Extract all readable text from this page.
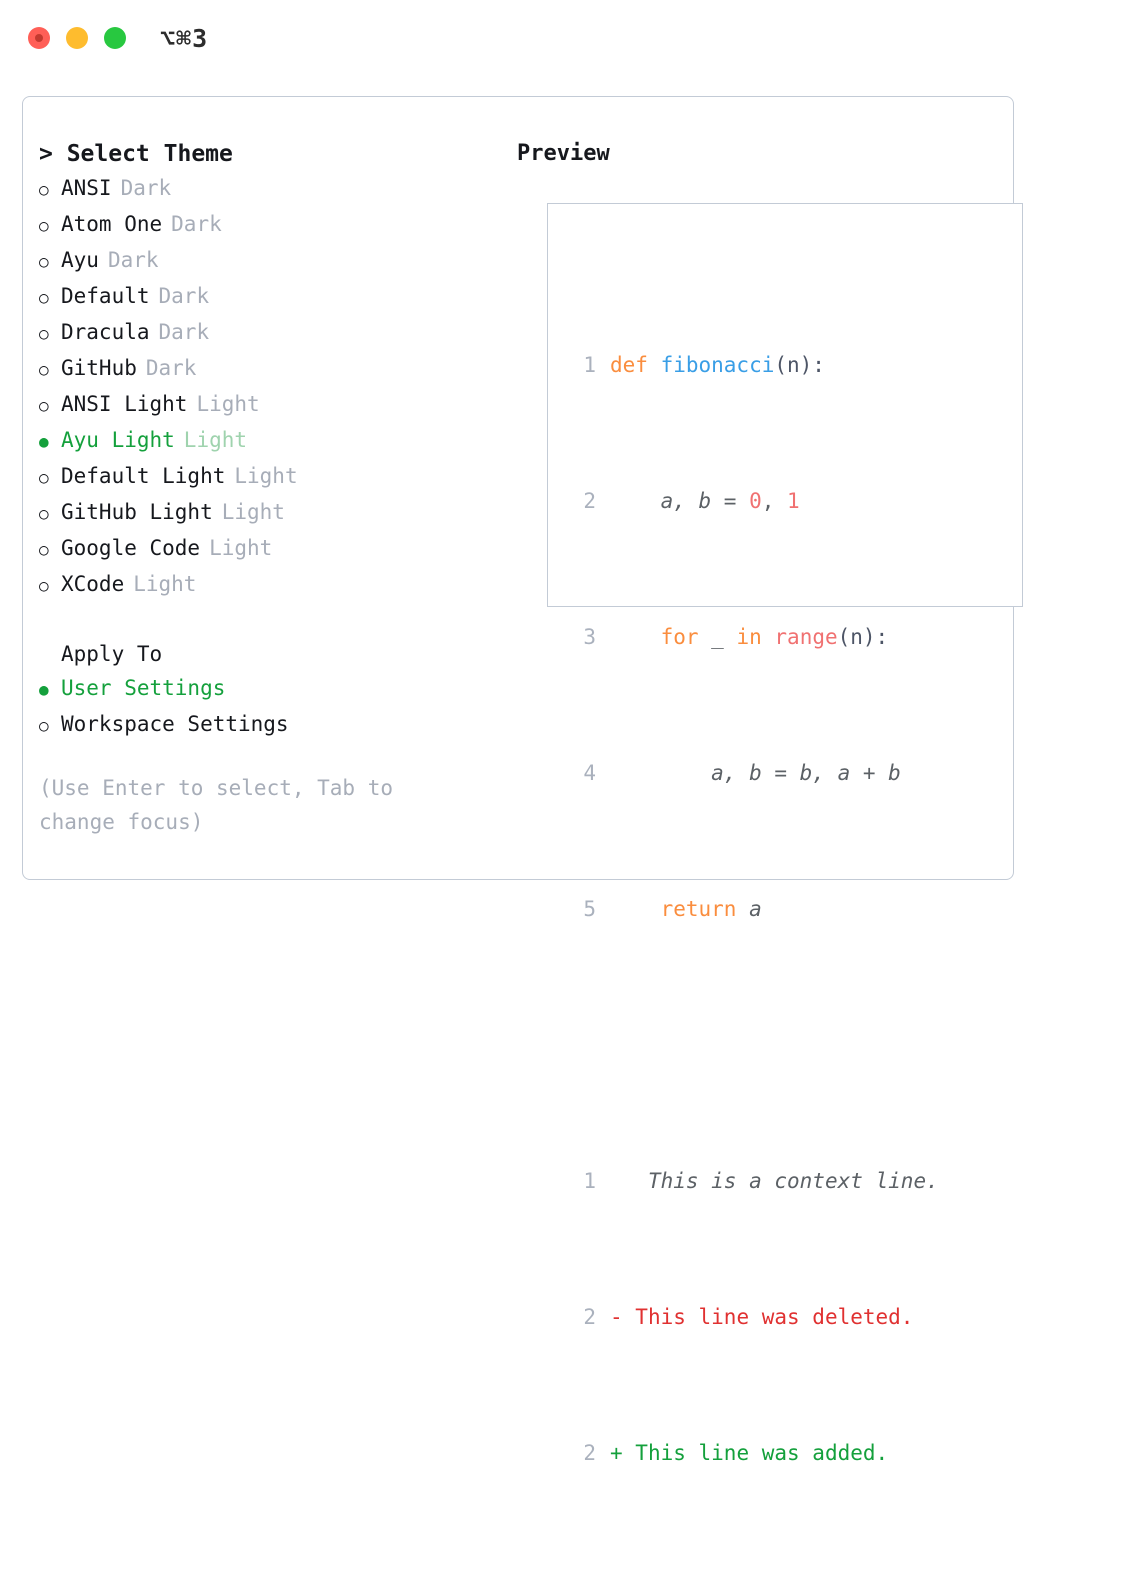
⌥⌘3
> Select Theme
○ ANSI Dark
○ Atom One Dark
○ Ayu Dark
○ Default Dark
○ Dracula Dark
○ GitHub Dark
○ ANSI Light Light
● Ayu Light Light
○ Default Light Light
○ GitHub Light Light
○ Google Code Light
○ XCode Light
Apply To
● User Settings
○ Workspace Settings
(Use Enter to select, Tab to change focus)
Preview

1 def fibonacci (n):

2 a, b = 0 , 1

3
	for _ in
range (n):

4 a, b = b, a + b

5
	return a

1
This is a context line.

2 - This line was deleted.

2 + This line was added.
